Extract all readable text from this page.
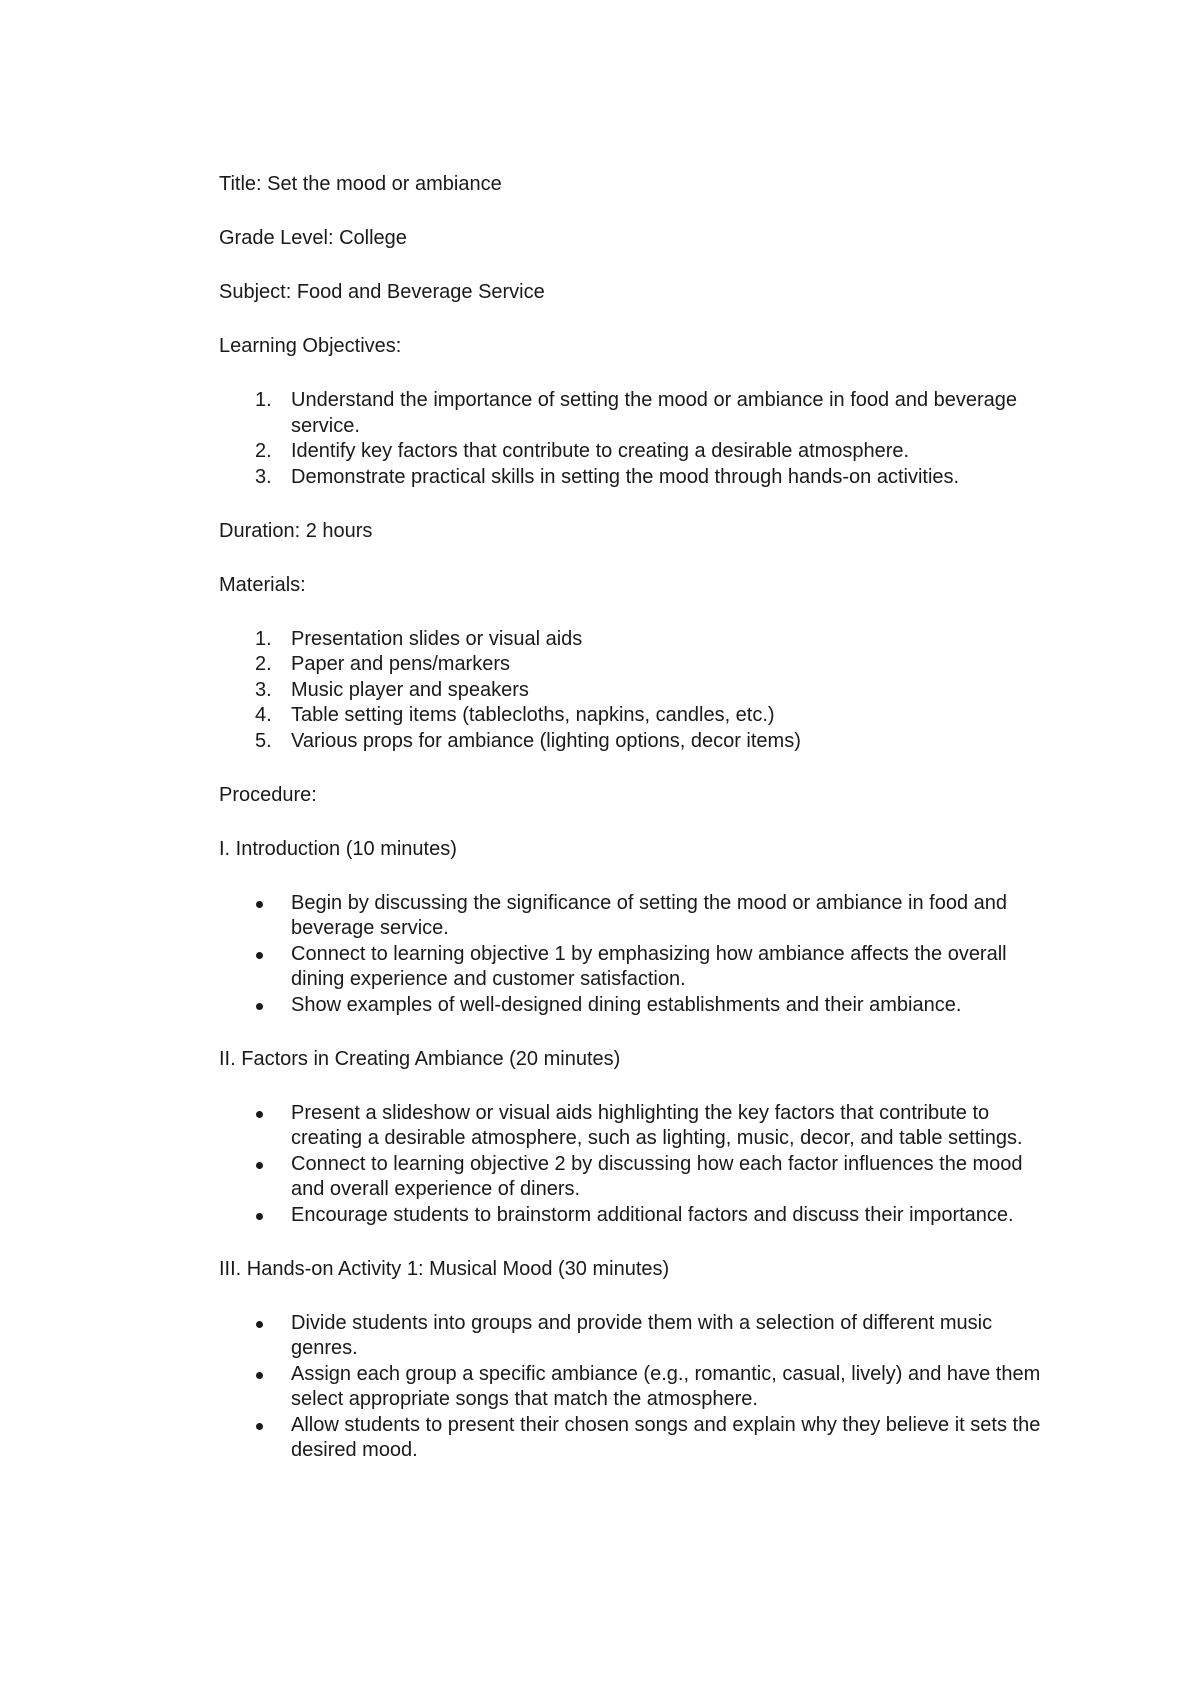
Title: Set the mood or ambiance

Grade Level: College

Subject: Food and Beverage Service

Learning Objectives:

1. Understand the importance of setting the mood or ambiance in food and beverage service.
2. Identify key factors that contribute to creating a desirable atmosphere.
3. Demonstrate practical skills in setting the mood through hands-on activities.

Duration: 2 hours

Materials:

1. Presentation slides or visual aids
2. Paper and pens/markers
3. Music player and speakers
4. Table setting items (tablecloths, napkins, candles, etc.)
5. Various props for ambiance (lighting options, decor items)

Procedure:

I. Introduction (10 minutes)

Begin by discussing the significance of setting the mood or ambiance in food and beverage service.
Connect to learning objective 1 by emphasizing how ambiance affects the overall dining experience and customer satisfaction.
Show examples of well-designed dining establishments and their ambiance.

II. Factors in Creating Ambiance (20 minutes)

Present a slideshow or visual aids highlighting the key factors that contribute to creating a desirable atmosphere, such as lighting, music, decor, and table settings.
Connect to learning objective 2 by discussing how each factor influences the mood and overall experience of diners.
Encourage students to brainstorm additional factors and discuss their importance.

III. Hands-on Activity 1: Musical Mood (30 minutes)

Divide students into groups and provide them with a selection of different music genres.
Assign each group a specific ambiance (e.g., romantic, casual, lively) and have them select appropriate songs that match the atmosphere.
Allow students to present their chosen songs and explain why they believe it sets the desired mood.
